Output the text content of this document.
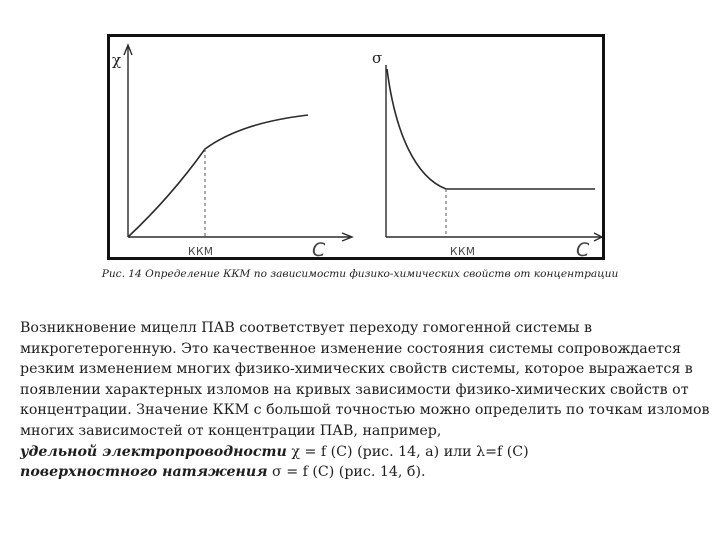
χ
C
ККМ
σ
C
ККМ
Рис. 14 Определение ККМ по зависимости физико-химических свойств от концентрации

Возникновение мицелл ПАВ соответствует переходу гомогенной системы в микрогетерогенную. Это качественное изменение состояния системы сопровождается резким изменением многих физико-химических свойств системы, которое выражается в появлении характерных изломов на кривых зависимости физико-химических свойств от концентрации. Значение ККМ с большой точностью можно определить по точкам изломов многих зависимостей от концентрации ПАВ, например,

удельной электропроводности χ = f (C) (рис. 14, а) или λ=f (С)

поверхностного натяжения σ = f (C) (рис. 14, б).
